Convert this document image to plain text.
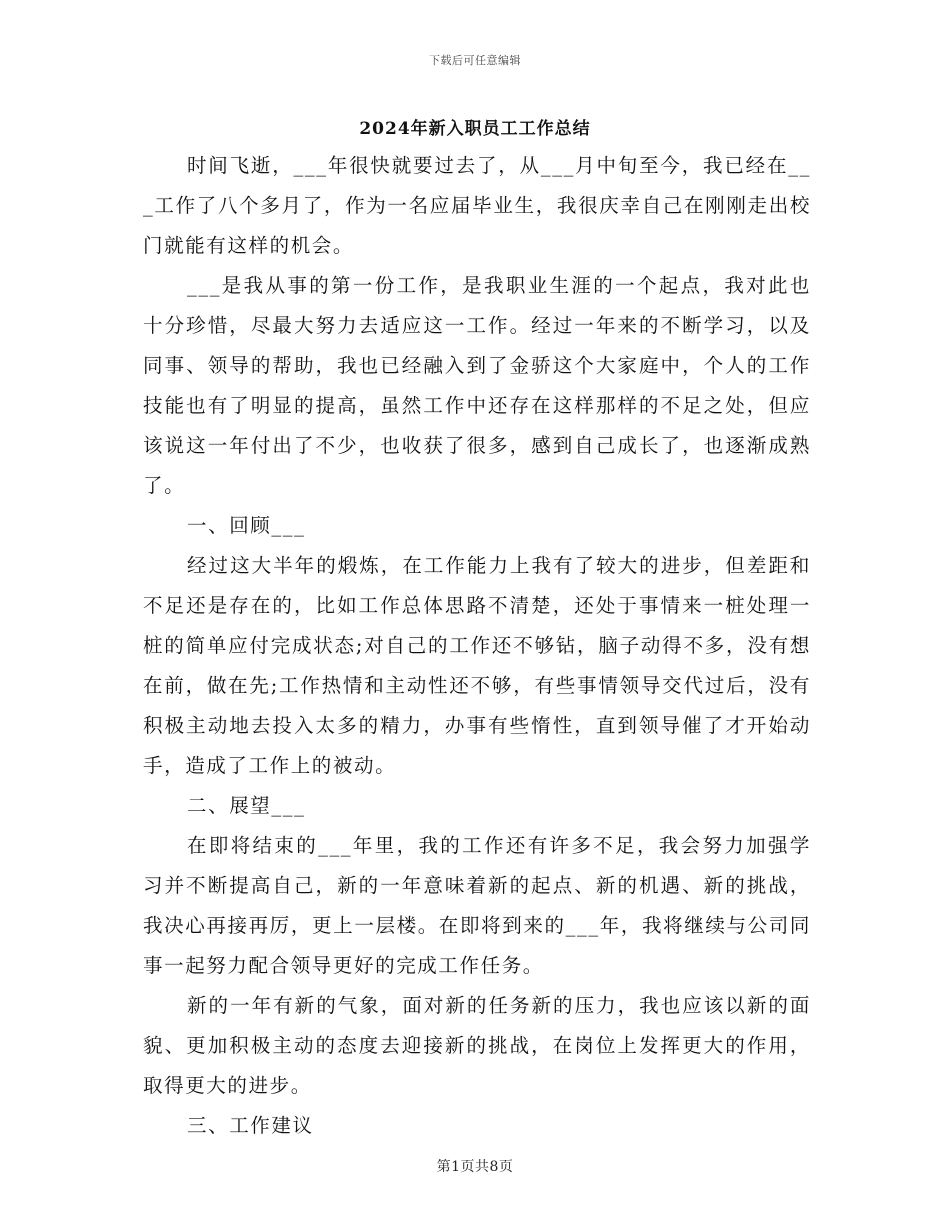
下载后可任意编辑
2024年新入职员工工作总结

时间飞逝，___年很快就要过去了，从___月中旬至今，我已经在___工作了八个多月了，作为一名应届毕业生，我很庆幸自己在刚刚走出校门就能有这样的机会。

___是我从事的第一份工作，是我职业生涯的一个起点，我对此也十分珍惜，尽最大努力去适应这一工作。经过一年来的不断学习，以及同事、领导的帮助，我也已经融入到了金骄这个大家庭中，个人的工作技能也有了明显的提高，虽然工作中还存在这样那样的不足之处，但应该说这一年付出了不少，也收获了很多，感到自己成长了，也逐渐成熟了。

一、回顾___

经过这大半年的煅炼，在工作能力上我有了较大的进步，但差距和不足还是存在的，比如工作总体思路不清楚，还处于事情来一桩处理一桩的简单应付完成状态;对自己的工作还不够钻，脑子动得不多，没有想在前，做在先;工作热情和主动性还不够，有些事情领导交代过后，没有积极主动地去投入太多的精力，办事有些惰性，直到领导催了才开始动手，造成了工作上的被动。

二、展望___

在即将结束的___年里，我的工作还有许多不足，我会努力加强学习并不断提高自己，新的一年意味着新的起点、新的机遇、新的挑战，我决心再接再厉，更上一层楼。在即将到来的___年，我将继续与公司同事一起努力配合领导更好的完成工作任务。

新的一年有新的气象，面对新的任务新的压力，我也应该以新的面貌、更加积极主动的态度去迎接新的挑战，在岗位上发挥更大的作用，取得更大的进步。

三、工作建议

第1页共8页
